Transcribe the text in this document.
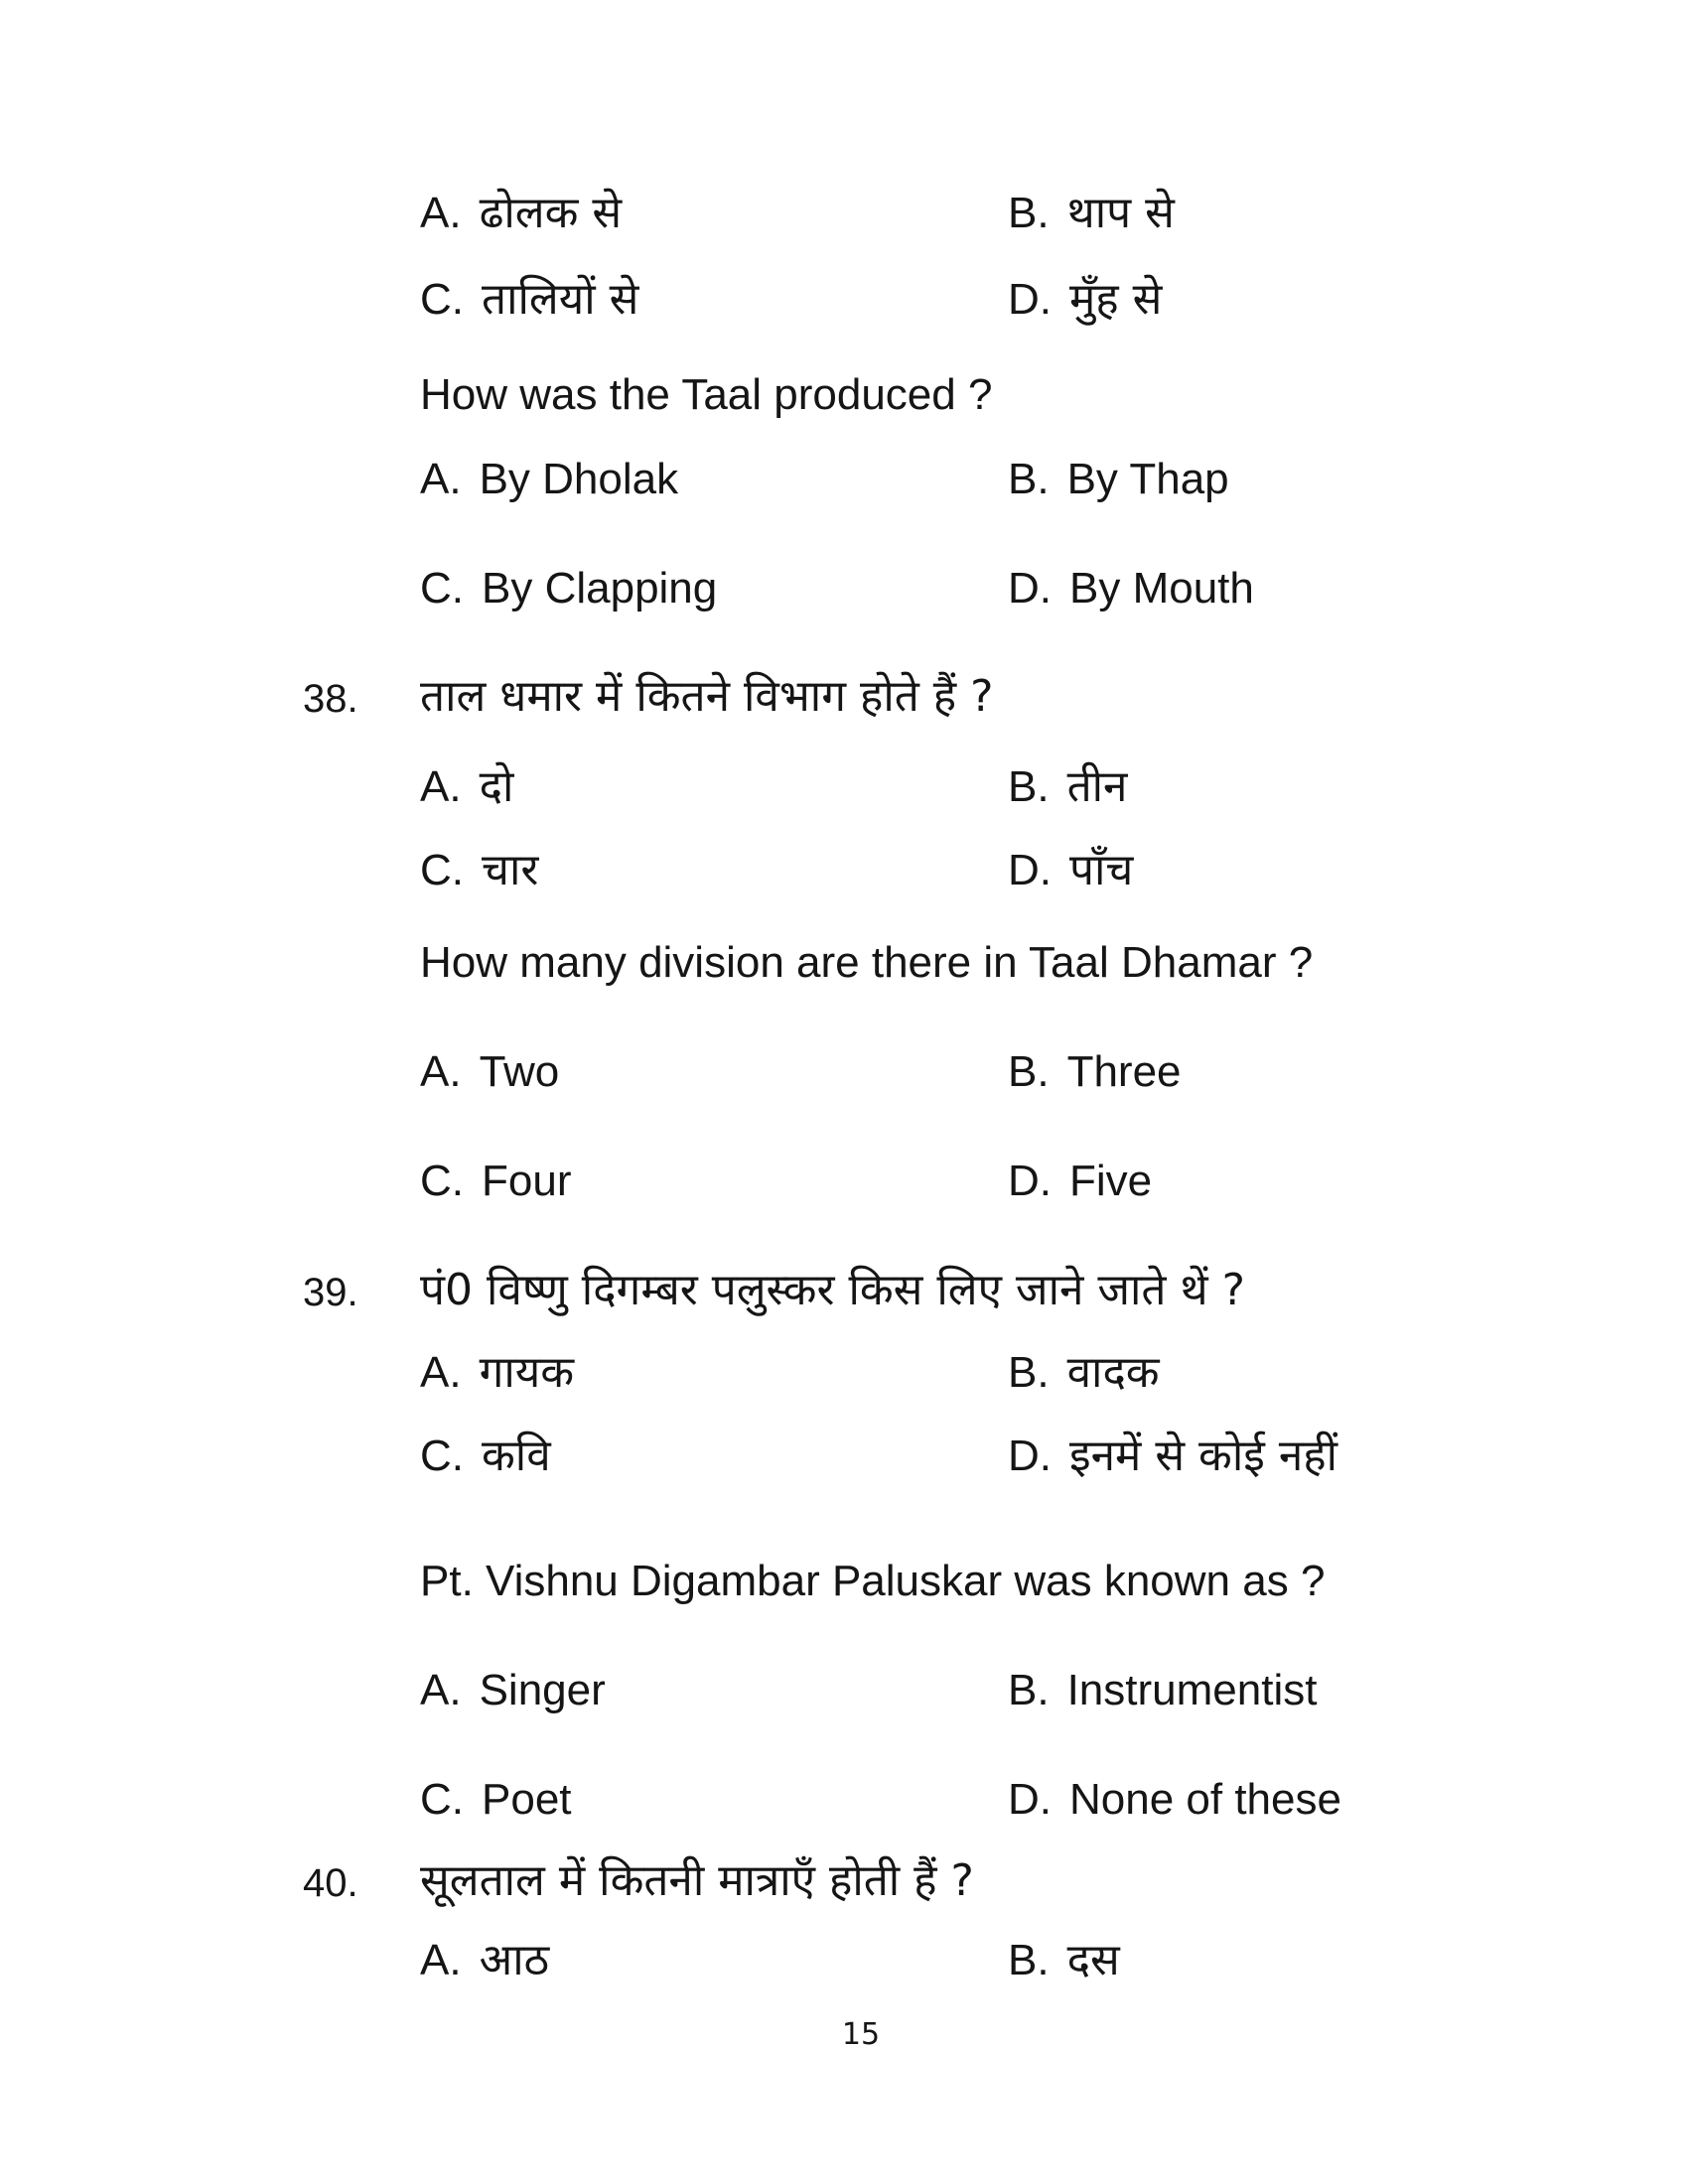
A. ढोलक से	B. थाप से
C. तालियों से	D. मुँह से
How was the Taal produced ?
A. By Dholak	B. By Thap
C. By Clapping	D. By Mouth
38. ताल धमार में कितने विभाग होते हैं ?
A. दो	B. तीन
C. चार	D. पाँच
How many division are there in Taal Dhamar ?
A. Two	B. Three
C. Four	D. Five
39. पं0 विष्णु दिगम्बर पलुस्कर किस लिए जाने जाते थें ?
A. गायक	B. वादक
C. कवि	D. इनमें से कोई नहीं
Pt. Vishnu Digambar Paluskar was known as ?
A. Singer	B. Instrumentist
C. Poet	D. None of these
40. सूलताल में कितनी मात्राएँ होती हैं ?
A. आठ	B. दस
15
